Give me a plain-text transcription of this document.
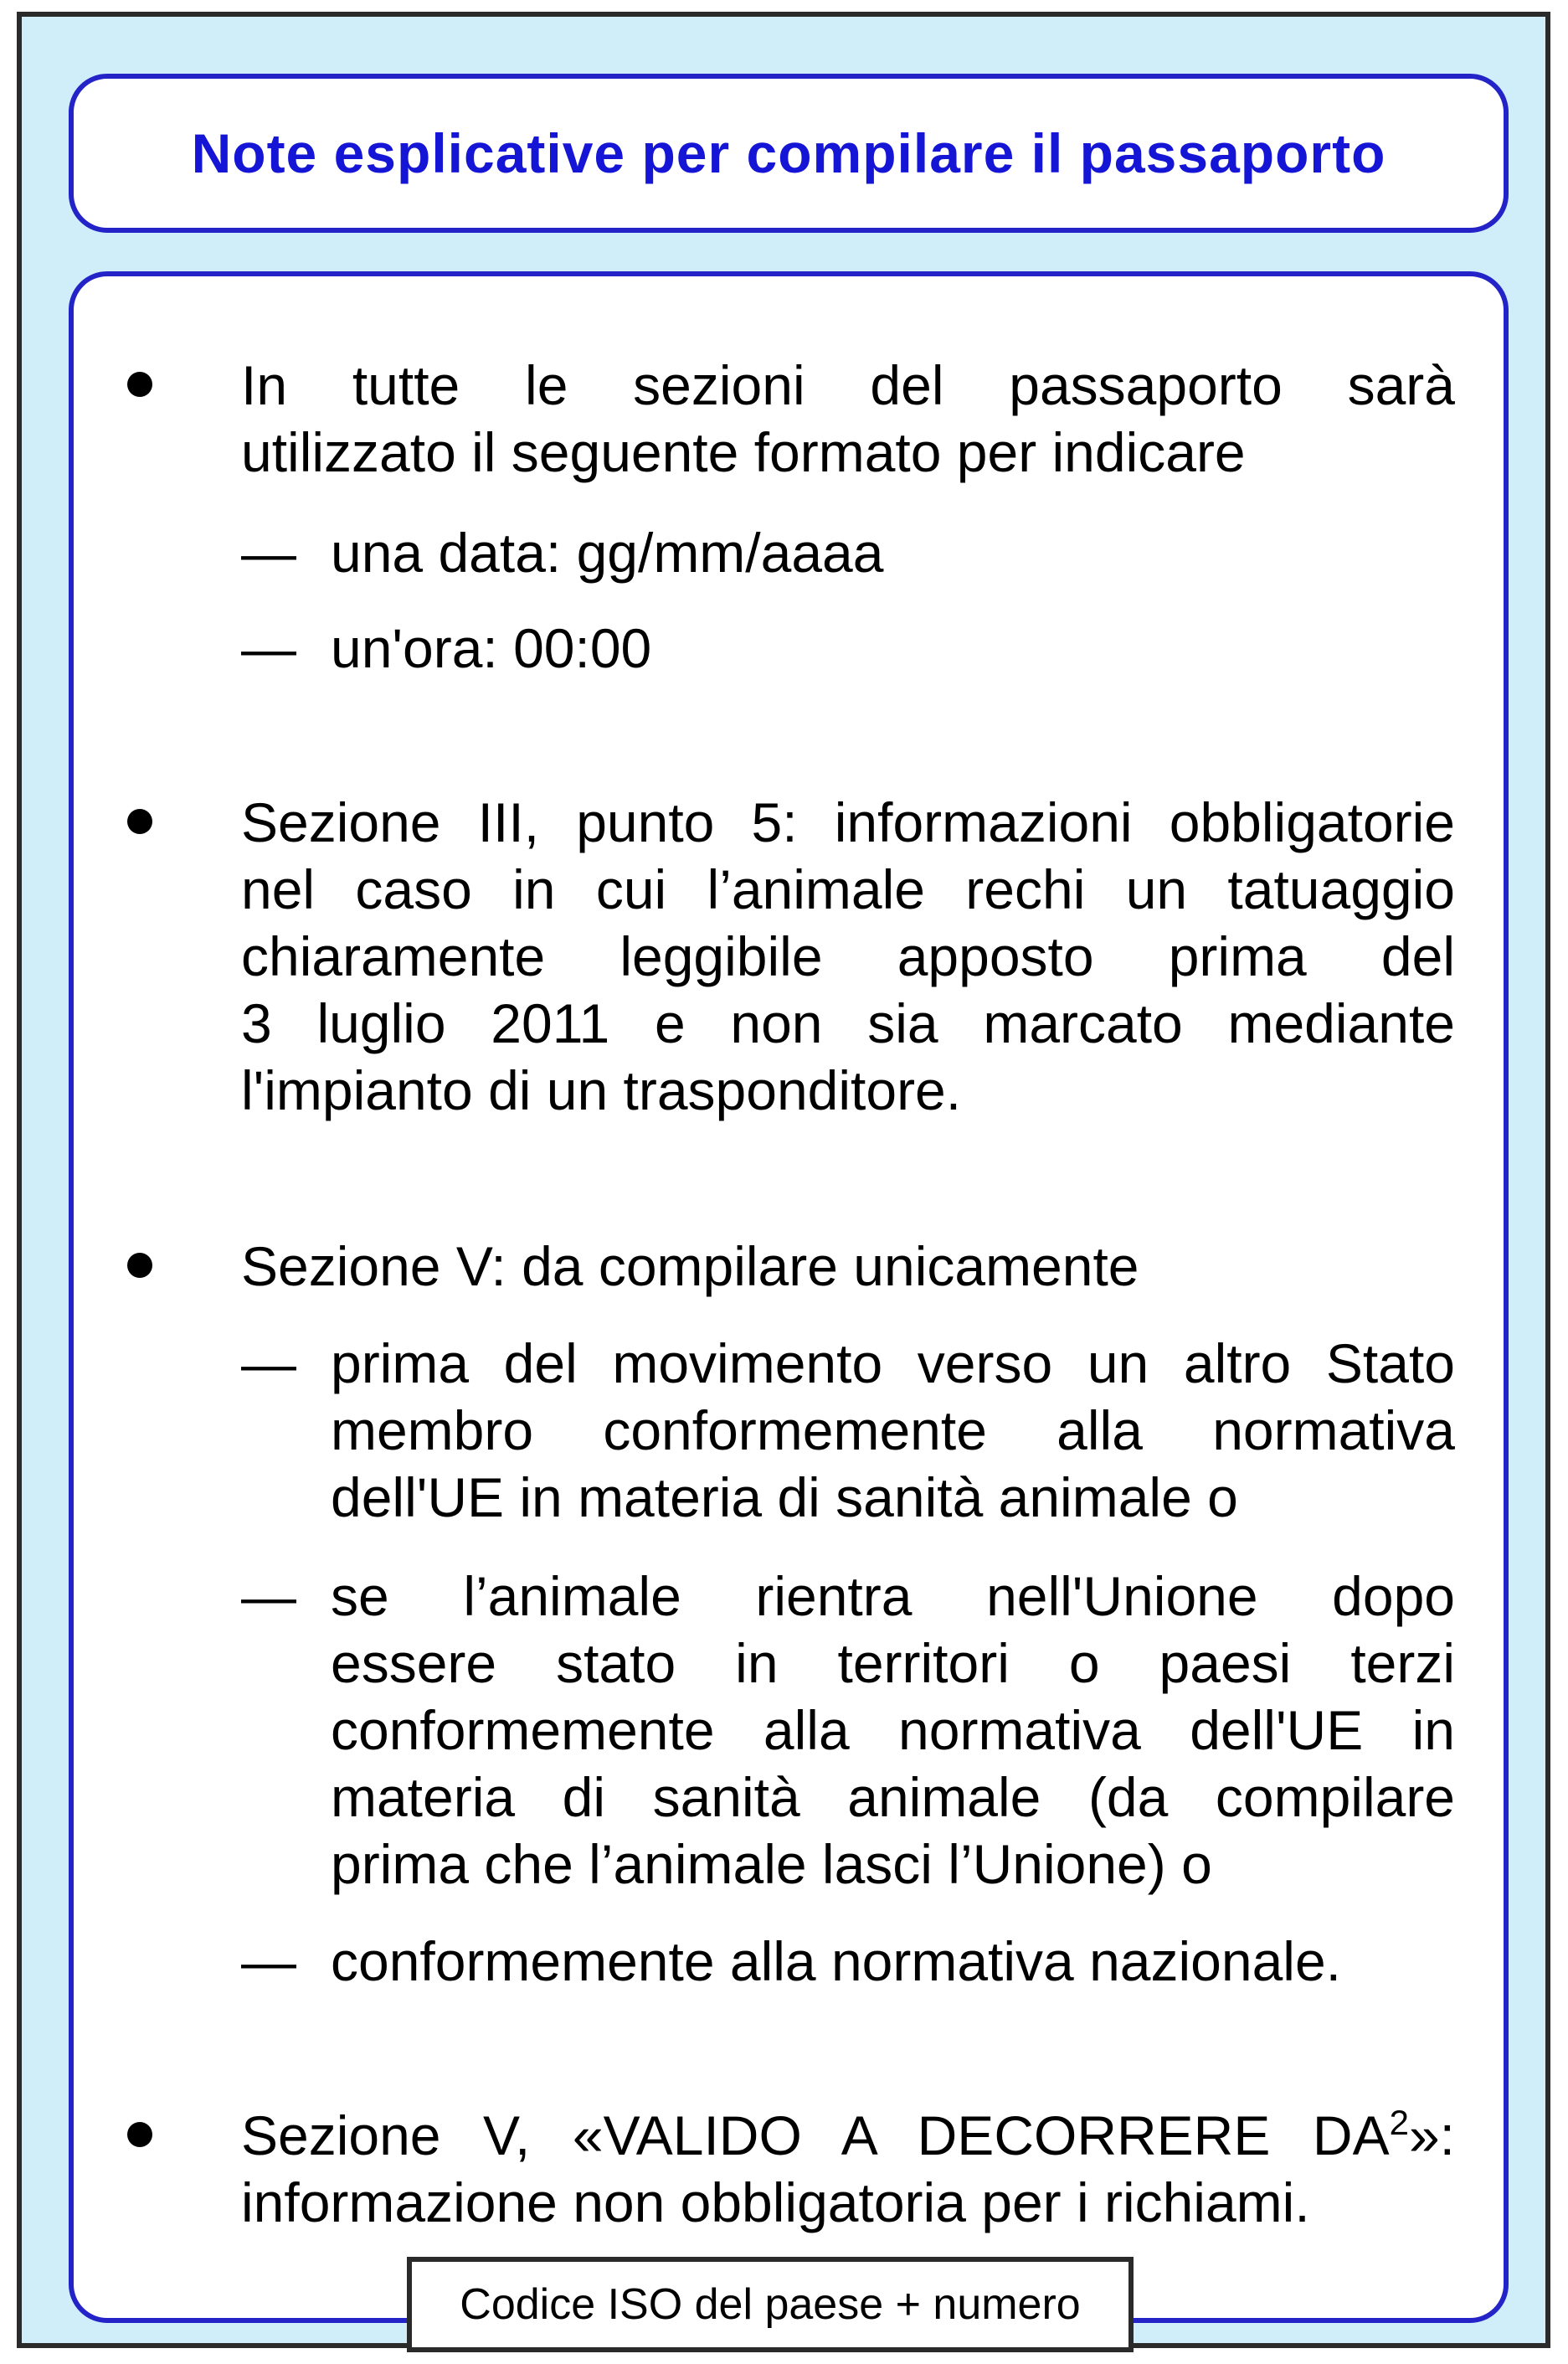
Note esplicative per compilare il passaporto
In tutte le sezioni del passaporto sarà
utilizzato il seguente formato per indicare
— una data: gg/mm/aaaa
— un'ora: 00:00
Sezione III, punto 5: informazioni obbligatorie
nel caso in cui l’animale rechi un tatuaggio
chiaramente leggibile apposto prima del
3 luglio 2011 e non sia marcato mediante
l'impianto di un trasponditore.
Sezione V: da compilare unicamente
— prima del movimento verso un altro Stato
membro conformemente alla normativa
dell'UE in materia di sanità animale o
— se l’animale rientra nell'Unione dopo
essere stato in territori o paesi terzi
conformemente alla normativa dell'UE in
materia di sanità animale (da compilare
prima che l’animale lasci l’Unione) o
— conformemente alla normativa nazionale.
Sezione V, «VALIDO A DECORRERE $DA^2$»:
informazione non obbligatoria per i richiami.
Codice ISO del paese + numero
